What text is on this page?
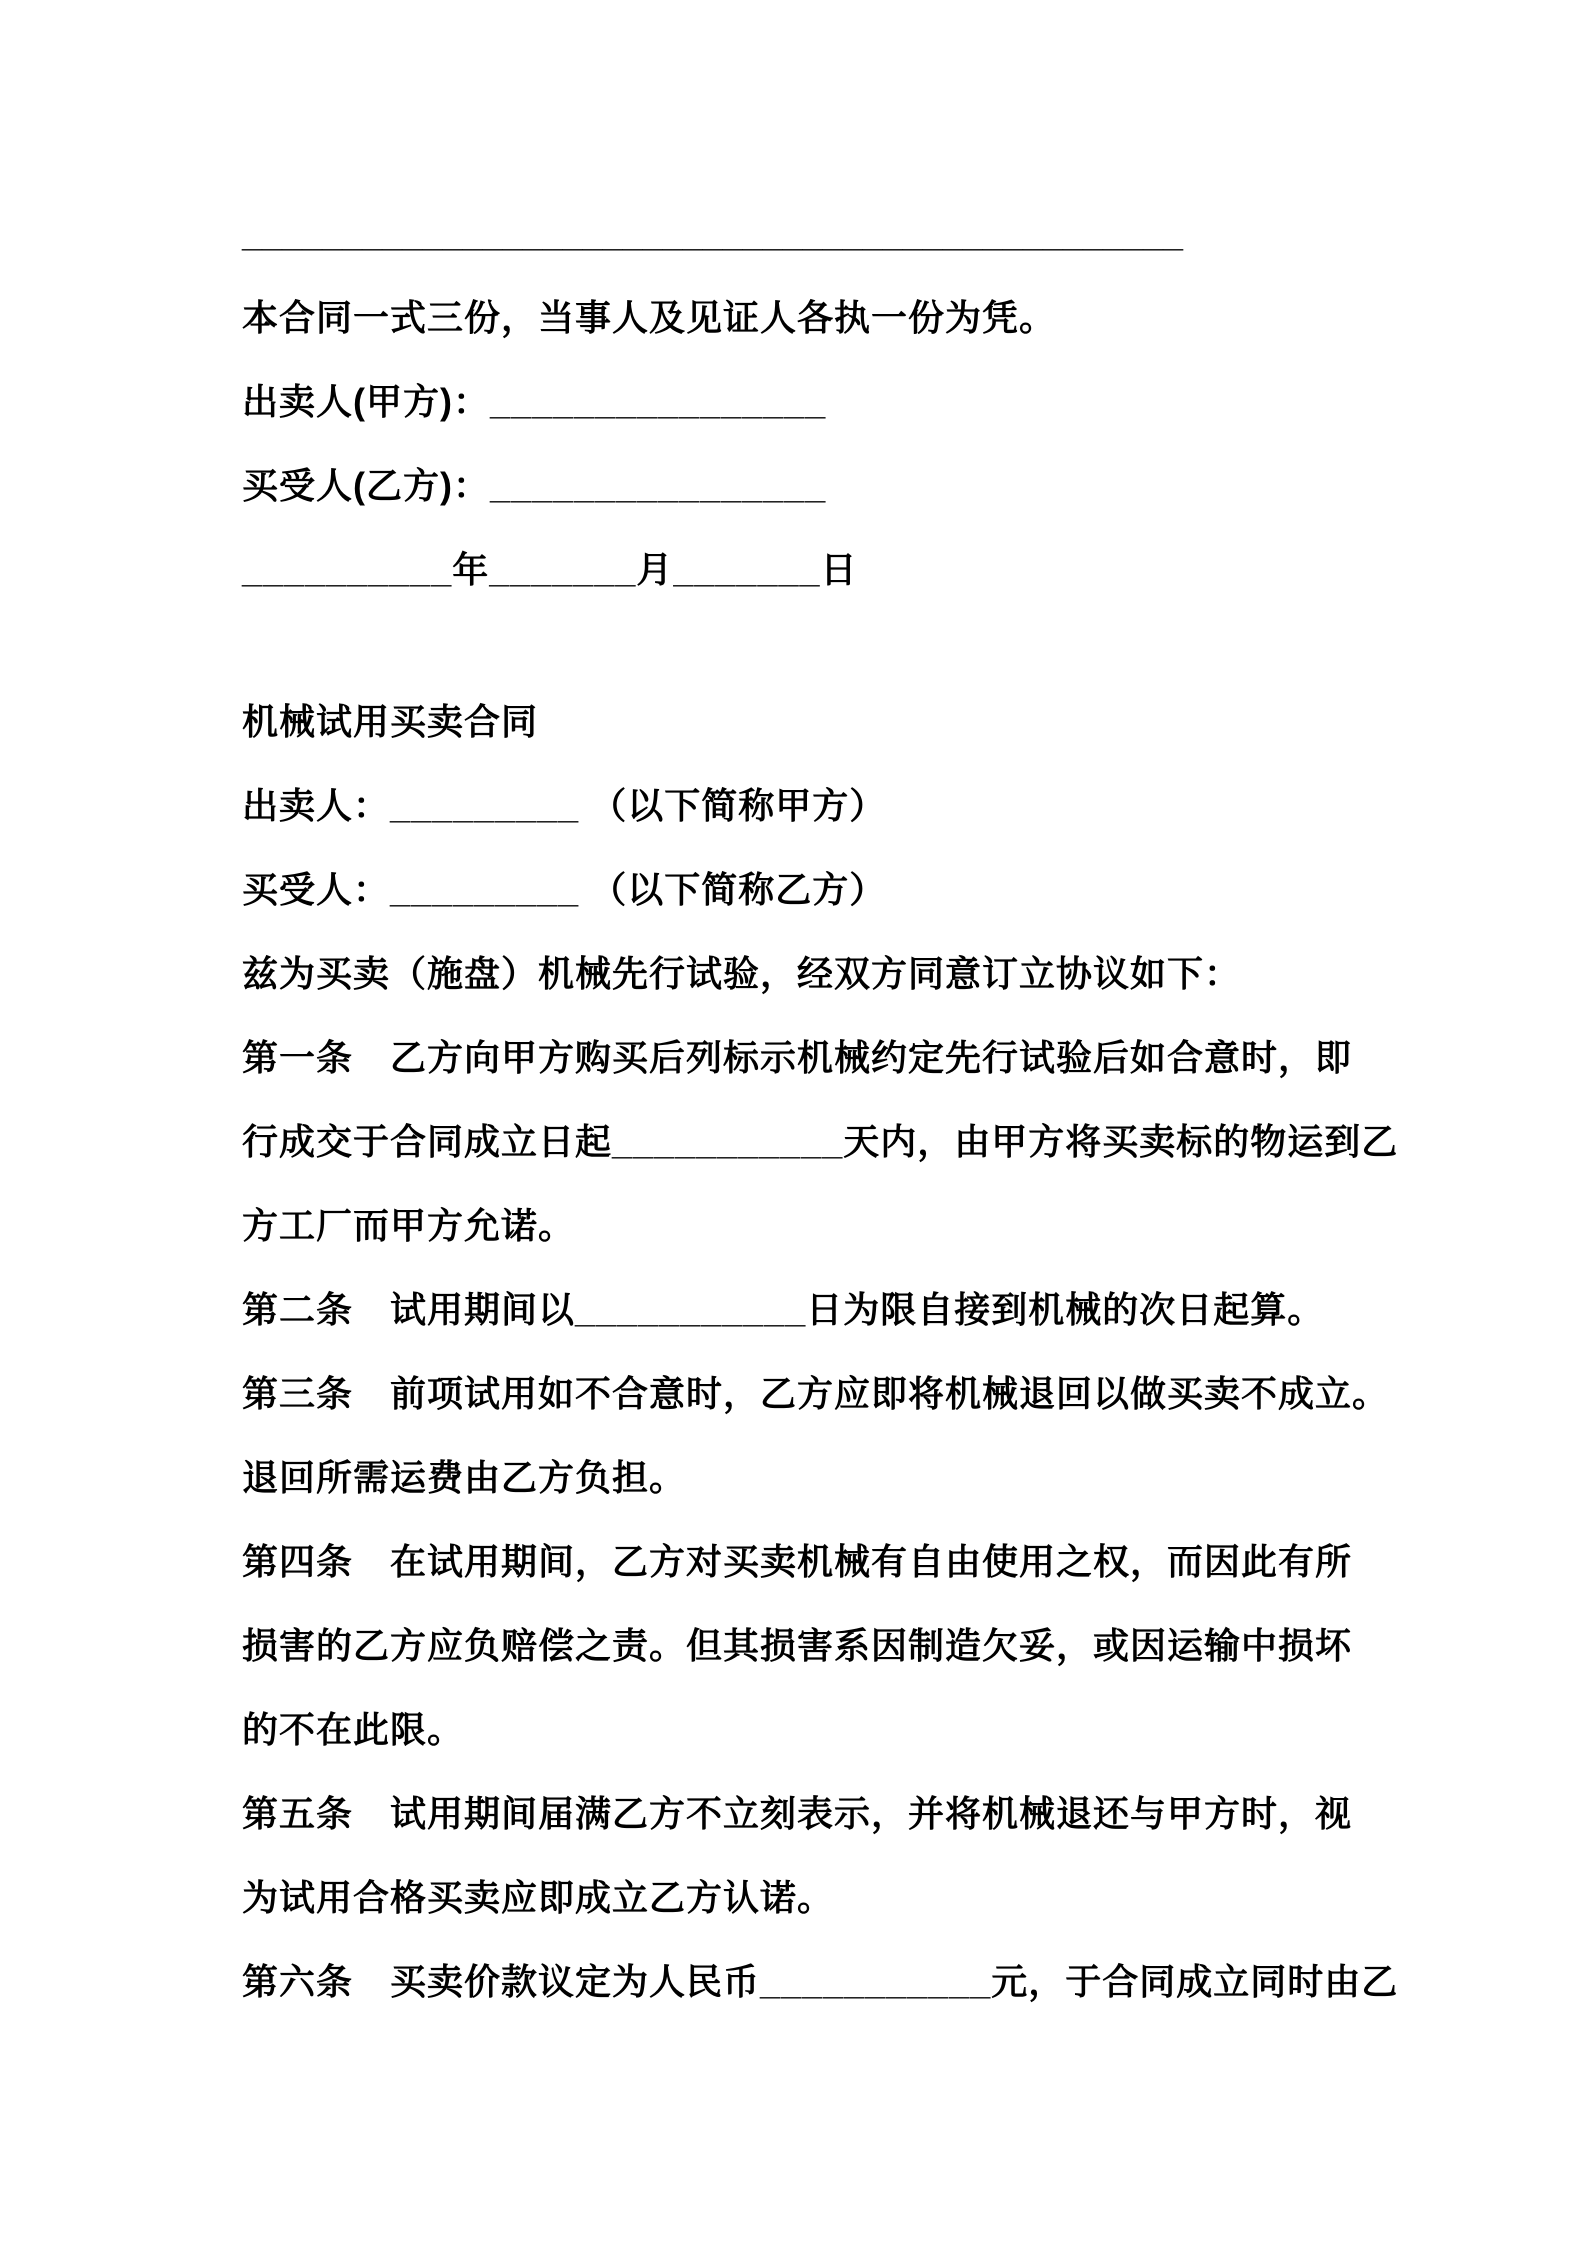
_______________________________________________
本合同一式三份，当事人及见证人各执一份为凭。
出卖人(甲方)：________________
买受人(乙方)：________________
__________年_______月_______日
机械试用买卖合同
出卖人：_________ （以下简称甲方）
买受人：_________ （以下简称乙方）
兹为买卖（施盘）机械先行试验，经双方同意订立协议如下：
第一条　乙方向甲方购买后列标示机械约定先行试验后如合意时，即
行成交于合同成立日起___________天内，由甲方将买卖标的物运到乙
方工厂而甲方允诺。
第二条　试用期间以___________日为限自接到机械的次日起算。
第三条　前项试用如不合意时，乙方应即将机械退回以做买卖不成立。
退回所需运费由乙方负担。
第四条　在试用期间，乙方对买卖机械有自由使用之权，而因此有所
损害的乙方应负赔偿之责。但其损害系因制造欠妥，或因运输中损坏
的不在此限。
第五条　试用期间届满乙方不立刻表示，并将机械退还与甲方时，视
为试用合格买卖应即成立乙方认诺。
第六条　买卖价款议定为人民币___________元，于合同成立同时由乙
